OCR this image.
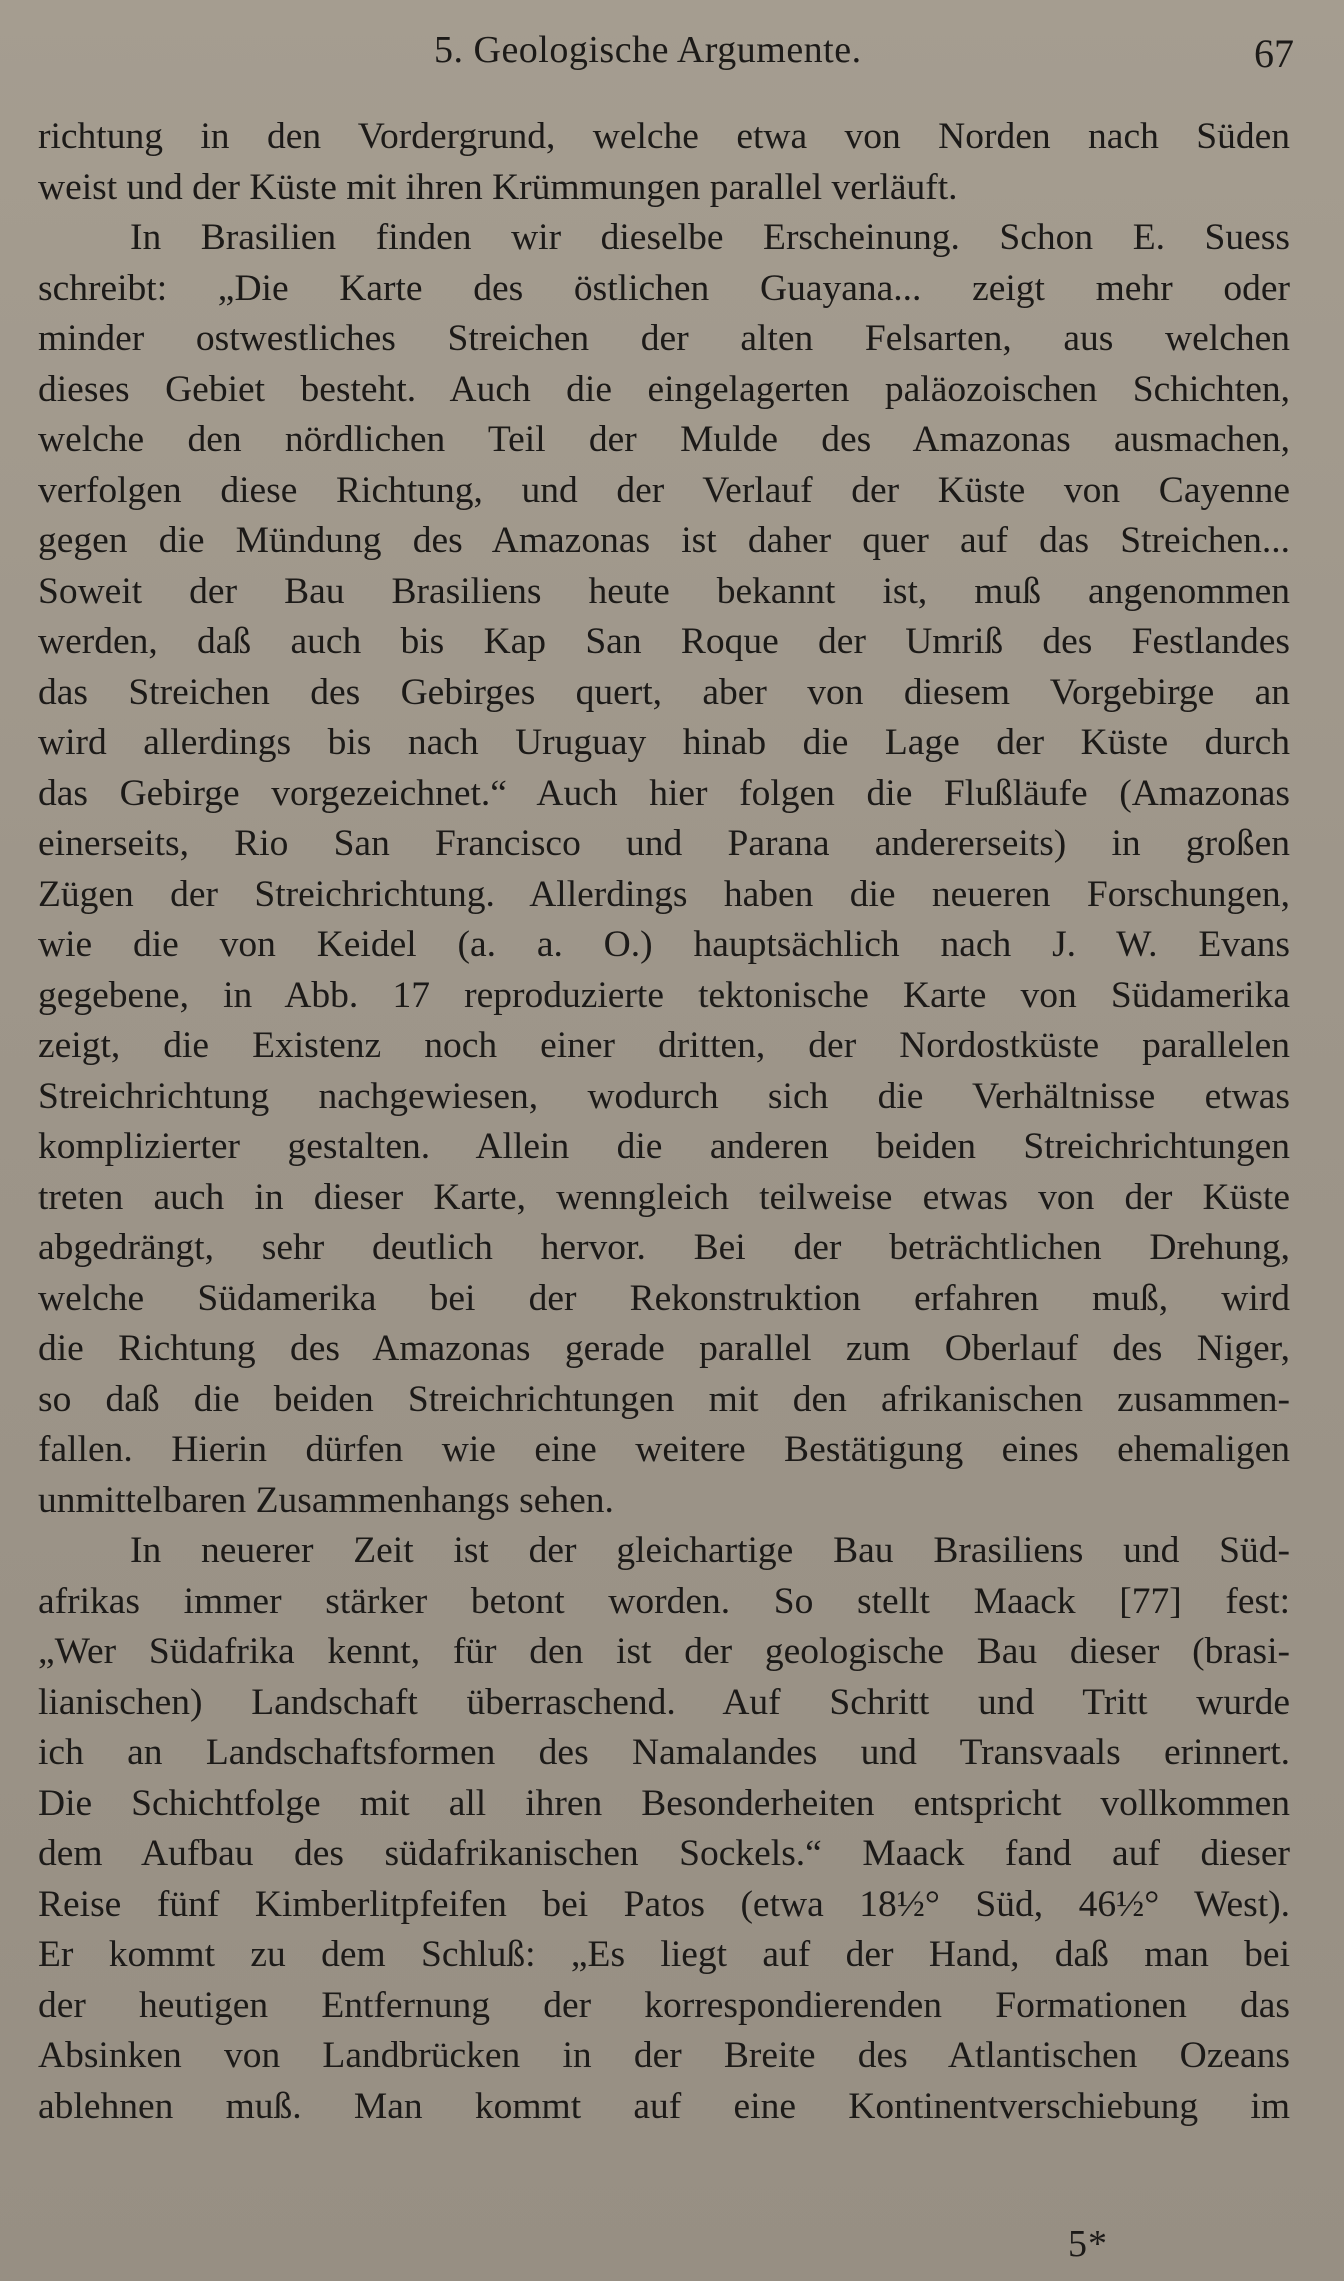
5. Geologische Argumente.	67
richtung in den Vordergrund, welche etwa von Norden nach Süden
weist und der Küste mit ihren Krümmungen parallel verläuft.
In Brasilien finden wir dieselbe Erscheinung. Schon E. Suess
schreibt: „Die Karte des östlichen Guayana... zeigt mehr oder
minder ostwestliches Streichen der alten Felsarten, aus welchen
dieses Gebiet besteht. Auch die eingelagerten paläozoischen Schichten,
welche den nördlichen Teil der Mulde des Amazonas ausmachen,
verfolgen diese Richtung, und der Verlauf der Küste von Cayenne
gegen die Mündung des Amazonas ist daher quer auf das Streichen...
Soweit der Bau Brasiliens heute bekannt ist, muß angenommen
werden, daß auch bis Kap San Roque der Umriß des Festlandes
das Streichen des Gebirges quert, aber von diesem Vorgebirge an
wird allerdings bis nach Uruguay hinab die Lage der Küste durch
das Gebirge vorgezeichnet.“ Auch hier folgen die Flußläufe (Amazonas
einerseits, Rio San Francisco und Parana andererseits) in großen
Zügen der Streichrichtung. Allerdings haben die neueren Forschungen,
wie die von Keidel (a. a. O.) hauptsächlich nach J. W. Evans
gegebene, in Abb. 17 reproduzierte tektonische Karte von Südamerika
zeigt, die Existenz noch einer dritten, der Nordostküste parallelen
Streichrichtung nachgewiesen, wodurch sich die Verhältnisse etwas
komplizierter gestalten. Allein die anderen beiden Streichrichtungen
treten auch in dieser Karte, wenngleich teilweise etwas von der Küste
abgedrängt, sehr deutlich hervor. Bei der beträchtlichen Drehung,
welche Südamerika bei der Rekonstruktion erfahren muß, wird
die Richtung des Amazonas gerade parallel zum Oberlauf des Niger,
so daß die beiden Streichrichtungen mit den afrikanischen zusammen-
fallen. Hierin dürfen wie eine weitere Bestätigung eines ehemaligen
unmittelbaren Zusammenhangs sehen.
In neuerer Zeit ist der gleichartige Bau Brasiliens und Süd-
afrikas immer stärker betont worden. So stellt Maack [77] fest:
„Wer Südafrika kennt, für den ist der geologische Bau dieser (brasi-
lianischen) Landschaft überraschend. Auf Schritt und Tritt wurde
ich an Landschaftsformen des Namalandes und Transvaals erinnert.
Die Schichtfolge mit all ihren Besonderheiten entspricht vollkommen
dem Aufbau des südafrikanischen Sockels.“ Maack fand auf dieser
Reise fünf Kimberlitpfeifen bei Patos (etwa 18½° Süd, 46½° West).
Er kommt zu dem Schluß: „Es liegt auf der Hand, daß man bei
der heutigen Entfernung der korrespondierenden Formationen das
Absinken von Landbrücken in der Breite des Atlantischen Ozeans
ablehnen muß. Man kommt auf eine Kontinentverschiebung im
5*
